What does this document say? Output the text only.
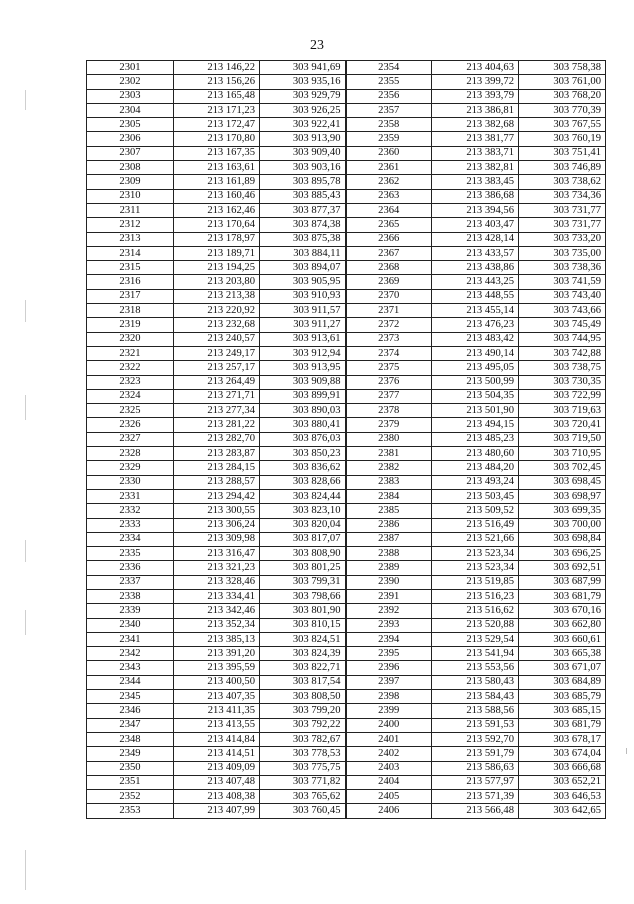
23
2301	213 146,22	303 941,69	2354	213 404,63	303 758,38
2302	213 156,26	303 935,16	2355	213 399,72	303 761,00
2303	213 165,48	303 929,79	2356	213 393,79	303 768,20
2304	213 171,23	303 926,25	2357	213 386,81	303 770,39
2305	213 172,47	303 922,41	2358	213 382,68	303 767,55
2306	213 170,80	303 913,90	2359	213 381,77	303 760,19
2307	213 167,35	303 909,40	2360	213 383,71	303 751,41
2308	213 163,61	303 903,16	2361	213 382,81	303 746,89
2309	213 161,89	303 895,78	2362	213 383,45	303 738,62
2310	213 160,46	303 885,43	2363	213 386,68	303 734,36
2311	213 162,46	303 877,37	2364	213 394,56	303 731,77
2312	213 170,64	303 874,38	2365	213 403,47	303 731,77
2313	213 178,97	303 875,38	2366	213 428,14	303 733,20
2314	213 189,71	303 884,11	2367	213 433,57	303 735,00
2315	213 194,25	303 894,07	2368	213 438,86	303 738,36
2316	213 203,80	303 905,95	2369	213 443,25	303 741,59
2317	213 213,38	303 910,93	2370	213 448,55	303 743,40
2318	213 220,92	303 911,57	2371	213 455,14	303 743,66
2319	213 232,68	303 911,27	2372	213 476,23	303 745,49
2320	213 240,57	303 913,61	2373	213 483,42	303 744,95
2321	213 249,17	303 912,94	2374	213 490,14	303 742,88
2322	213 257,17	303 913,95	2375	213 495,05	303 738,75
2323	213 264,49	303 909,88	2376	213 500,99	303 730,35
2324	213 271,71	303 899,91	2377	213 504,35	303 722,99
2325	213 277,34	303 890,03	2378	213 501,90	303 719,63
2326	213 281,22	303 880,41	2379	213 494,15	303 720,41
2327	213 282,70	303 876,03	2380	213 485,23	303 719,50
2328	213 283,87	303 850,23	2381	213 480,60	303 710,95
2329	213 284,15	303 836,62	2382	213 484,20	303 702,45
2330	213 288,57	303 828,66	2383	213 493,24	303 698,45
2331	213 294,42	303 824,44	2384	213 503,45	303 698,97
2332	213 300,55	303 823,10	2385	213 509,52	303 699,35
2333	213 306,24	303 820,04	2386	213 516,49	303 700,00
2334	213 309,98	303 817,07	2387	213 521,66	303 698,84
2335	213 316,47	303 808,90	2388	213 523,34	303 696,25
2336	213 321,23	303 801,25	2389	213 523,34	303 692,51
2337	213 328,46	303 799,31	2390	213 519,85	303 687,99
2338	213 334,41	303 798,66	2391	213 516,23	303 681,79
2339	213 342,46	303 801,90	2392	213 516,62	303 670,16
2340	213 352,34	303 810,15	2393	213 520,88	303 662,80
2341	213 385,13	303 824,51	2394	213 529,54	303 660,61
2342	213 391,20	303 824,39	2395	213 541,94	303 665,38
2343	213 395,59	303 822,71	2396	213 553,56	303 671,07
2344	213 400,50	303 817,54	2397	213 580,43	303 684,89
2345	213 407,35	303 808,50	2398	213 584,43	303 685,79
2346	213 411,35	303 799,20	2399	213 588,56	303 685,15
2347	213 413,55	303 792,22	2400	213 591,53	303 681,79
2348	213 414,84	303 782,67	2401	213 592,70	303 678,17
2349	213 414,51	303 778,53	2402	213 591,79	303 674,04
2350	213 409,09	303 775,75	2403	213 586,63	303 666,68
2351	213 407,48	303 771,82	2404	213 577,97	303 652,21
2352	213 408,38	303 765,62	2405	213 571,39	303 646,53
2353	213 407,99	303 760,45	2406	213 566,48	303 642,65
